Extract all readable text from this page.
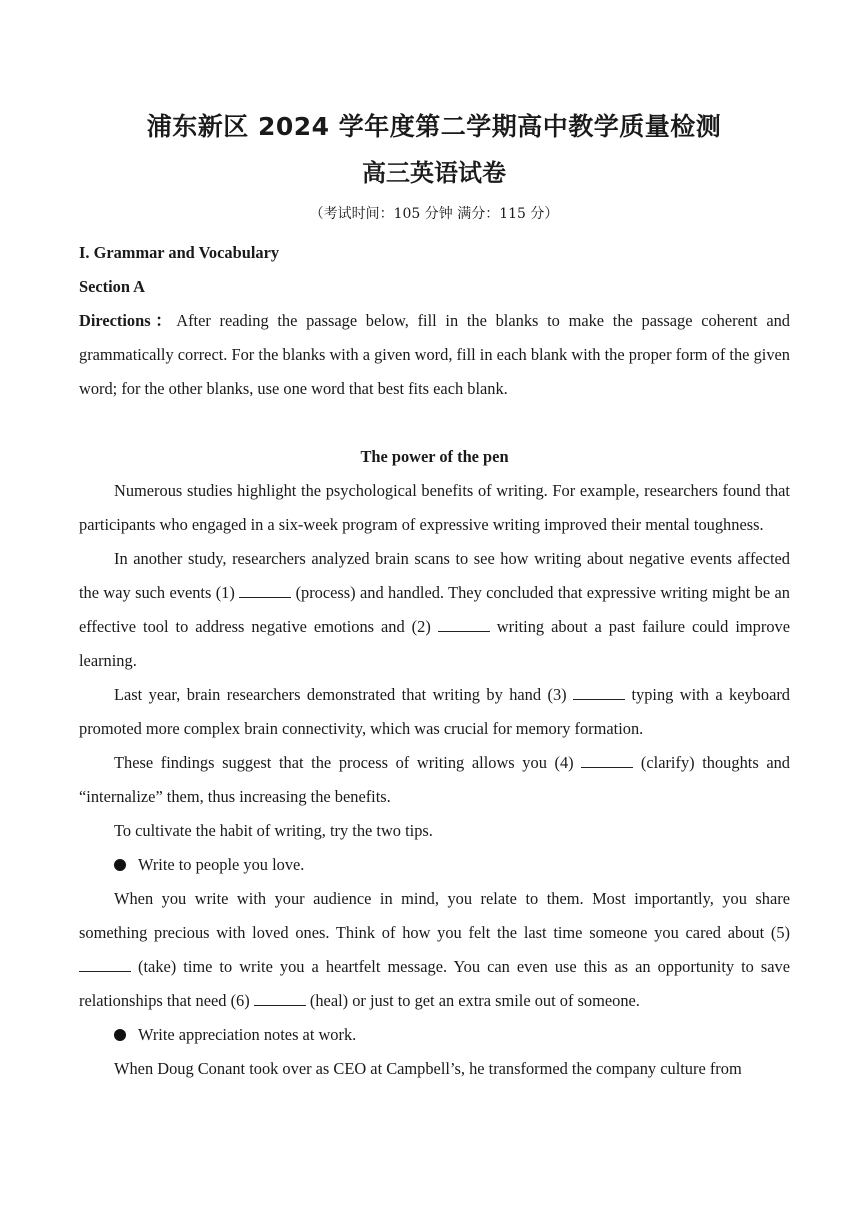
浦东新区 2024 学年度第二学期高中教学质量检测
高三英语试卷
（考试时间：105 分钟 满分：115 分）

I. Grammar and Vocabulary

Section A

Directions：After reading the passage below, fill in the blanks to make the passage coherent and grammatically correct. For the blanks with a given word, fill in each blank with the proper form of the given word; for the other blanks, use one word that best fits each blank.

The power of the pen

Numerous studies highlight the psychological benefits of writing. For example, researchers found that participants who engaged in a six-week program of expressive writing improved their mental toughness.

In another study, researchers analyzed brain scans to see how writing about negative events affected the way such events (1)	(process) and handled. They concluded that expressive writing might be an effective tool to address negative emotions and (2)	writing about a past failure could improve learning.

Last year, brain researchers demonstrated that writing by hand (3)	typing with a keyboard promoted more complex brain connectivity, which was crucial for memory formation.

These findings suggest that the process of writing allows you (4)	(clarify) thoughts and “internalize” them, thus increasing the benefits.

To cultivate the habit of writing, try the two tips.

Write to people you love.

When you write with your audience in mind, you relate to them. Most importantly, you share something precious with loved ones. Think of how you felt the last time someone you cared about (5)  (take) time to write you a heartfelt message. You can even use this as an opportunity to save relationships that need (6)	(heal) or just to get an extra smile out of someone.

Write appreciation notes at work.

When Doug Conant took over as CEO at Campbell’s, he transformed the company culture from
